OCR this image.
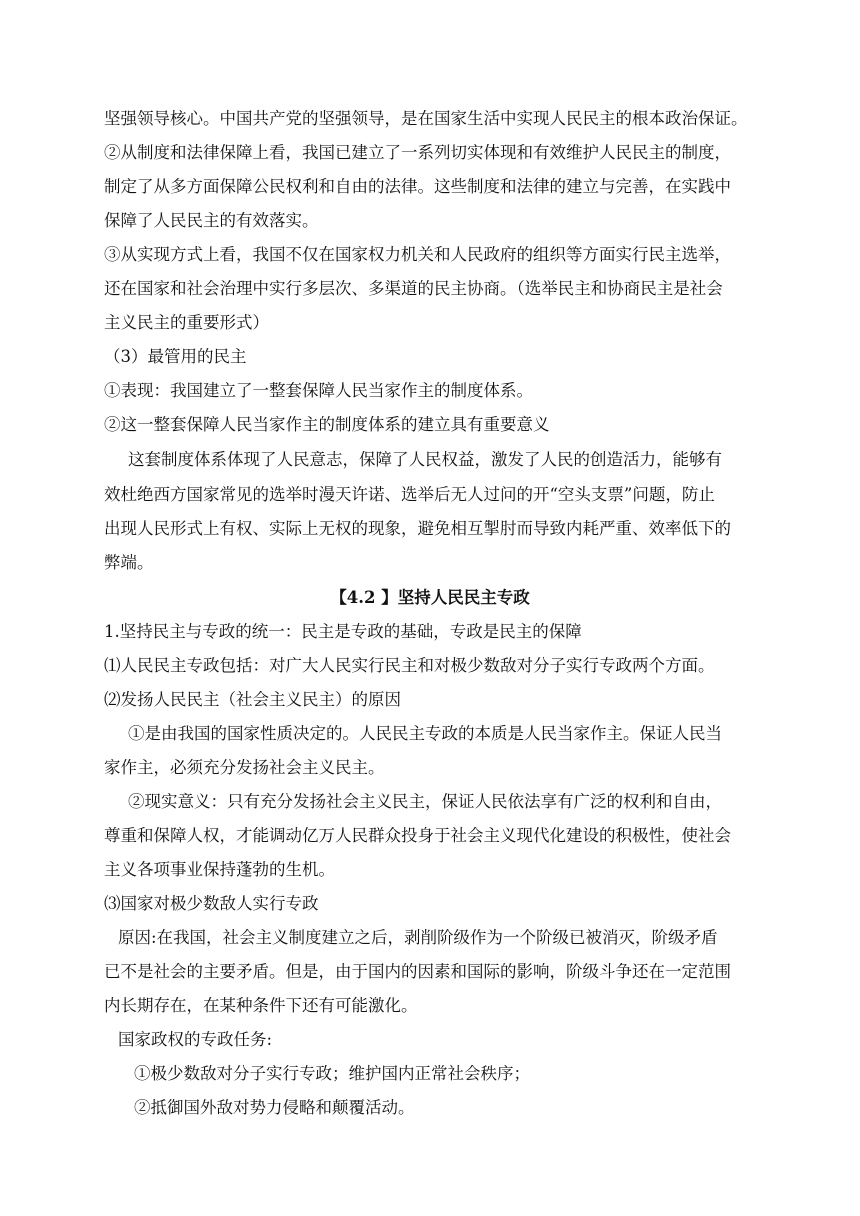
坚强领导核心。中国共产党的坚强领导，是在国家生活中实现人民民主的根本政治保证。
②从制度和法律保障上看，我国已建立了一系列切实体现和有效维护人民民主的制度，
制定了从多方面保障公民权利和自由的法律。这些制度和法律的建立与完善，在实践中
保障了人民民主的有效落实。
③从实现方式上看，我国不仅在国家权力机关和人民政府的组织等方面实行民主选举，
还在国家和社会治理中实行多层次、多渠道的民主协商。（选举民主和协商民主是社会
主义民主的重要形式）
（3）最管用的民主
①表现：我国建立了一整套保障人民当家作主的制度体系。
②这一整套保障人民当家作主的制度体系的建立具有重要意义
这套制度体系体现了人民意志，保障了人民权益，激发了人民的创造活力，能够有
效杜绝西方国家常见的选举时漫天许诺、选举后无人过问的开“空头支票”问题，防止
出现人民形式上有权、实际上无权的现象，避免相互掣肘而导致内耗严重、效率低下的
弊端。
【4.2 】坚持人民民主专政
1.坚持民主与专政的统一：民主是专政的基础，专政是民主的保障
⑴人民民主专政包括：对广大人民实行民主和对极少数敌对分子实行专政两个方面。
⑵发扬人民民主（社会主义民主）的原因
①是由我国的国家性质决定的。人民民主专政的本质是人民当家作主。保证人民当
家作主，必须充分发扬社会主义民主。
②现实意义：只有充分发扬社会主义民主，保证人民依法享有广泛的权利和自由，
尊重和保障人权，才能调动亿万人民群众投身于社会主义现代化建设的积极性，使社会
主义各项事业保持蓬勃的生机。
⑶国家对极少数敌人实行专政
原因:在我国，社会主义制度建立之后，剥削阶级作为一个阶级已被消灭，阶级矛盾
已不是社会的主要矛盾。但是，由于国内的因素和国际的影响，阶级斗争还在一定范围
内长期存在，在某种条件下还有可能激化。
国家政权的专政任务:
①极少数敌对分子实行专政；维护国内正常社会秩序；
②抵御国外敌对势力侵略和颠覆活动。
